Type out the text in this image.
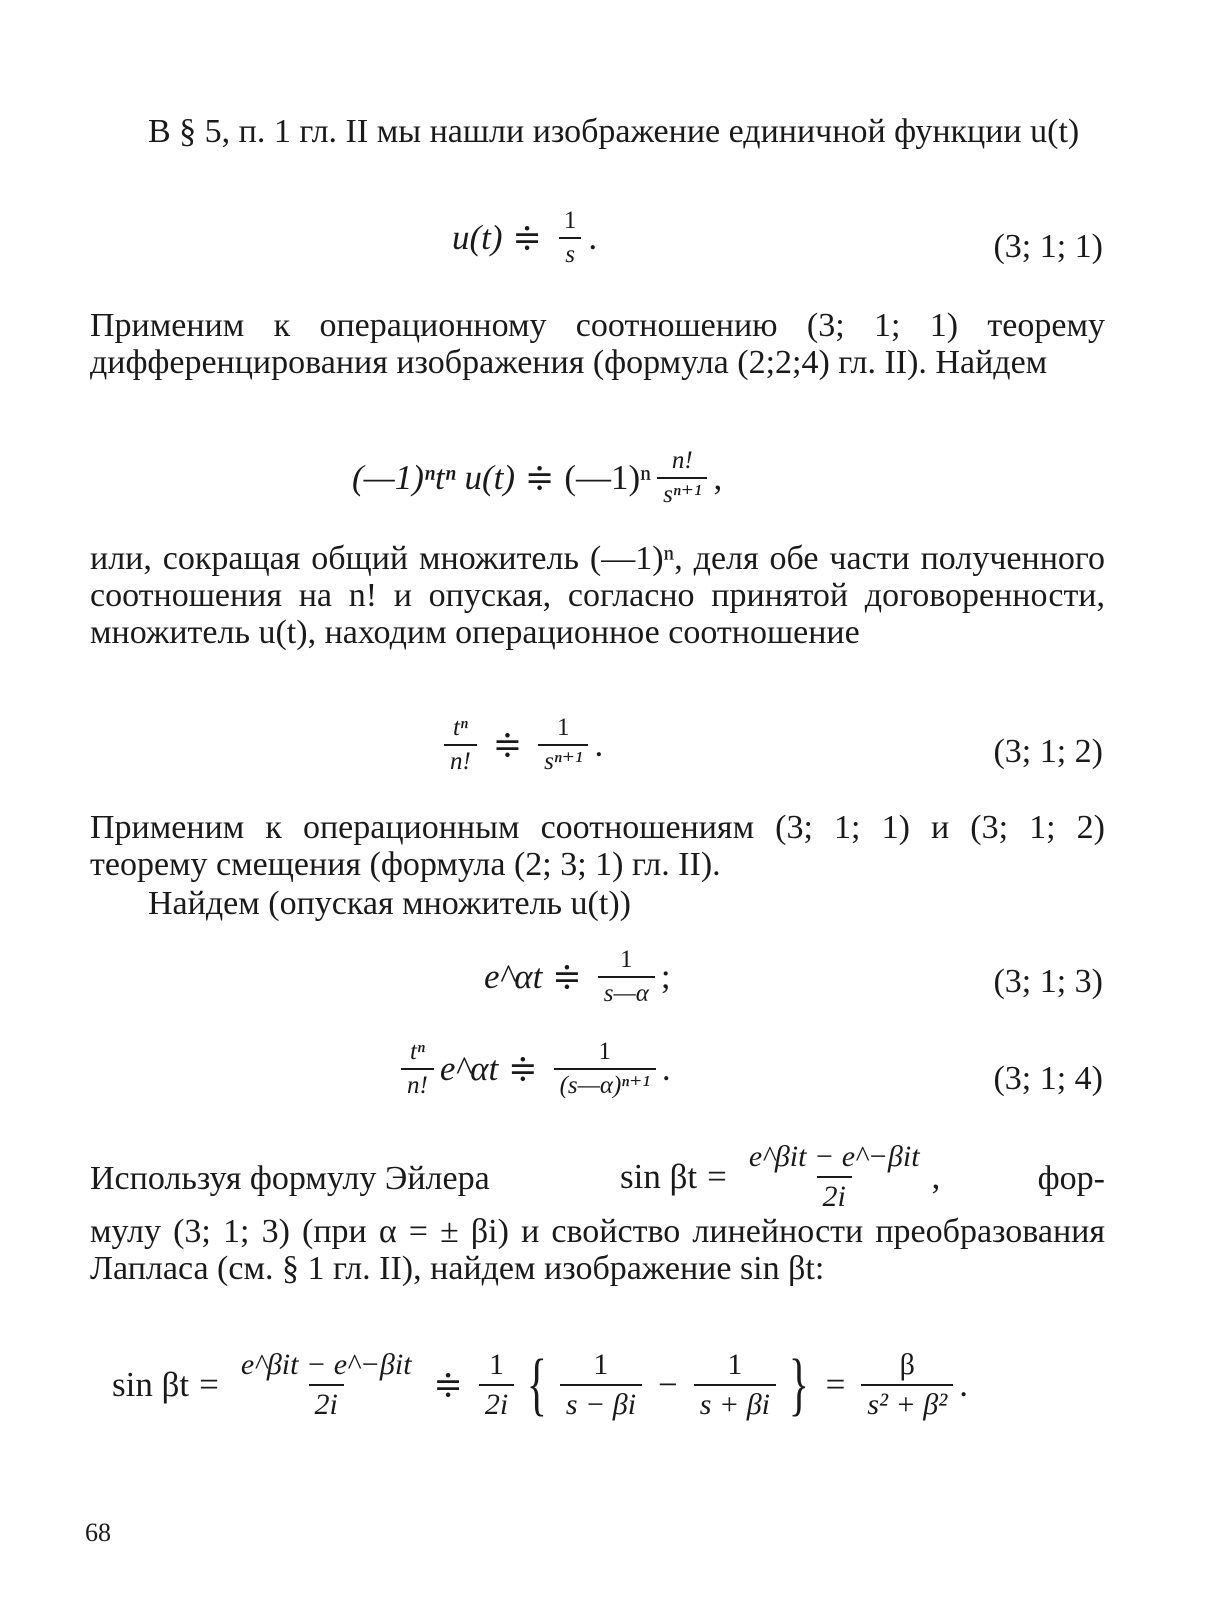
В § 5, п. 1 гл. II мы нашли изображение единичной функции u(t)

u(t) ≑ $\frac{1}{s}$ .	(3; 1; 1)

Применим к операционному соотношению (3; 1; 1) теорему дифференцирования изображения (формула (2;2;4) гл. II). Найдем

(—1)ⁿtⁿ u(t) ≑ (—1)ⁿ $\frac{n!}{\text{sⁿ⁺¹}}$ ,

или, сокращая общий множитель (—1)ⁿ, деля обе части полученного соотношения на n! и опуская, согласно принятой договоренности, множитель u(t), находим операционное соотношение

$\frac{\text{tⁿ}}{n!}$ ≑ $\frac{1}{\text{sⁿ⁺¹}}$ .	(3; 1; 2)

Применим к операционным соотношениям (3; 1; 1) и (3; 1; 2) теорему смещения (формула (2; 3; 1) гл. II).

Найдем (опуская множитель u(t))

e^αt ≑ $\frac{1}{s—\alpha}$ ;	(3; 1; 3)
$\frac{\text{tⁿ}}{n!}$ e^αt ≑ $\frac{1}{\text{(s—α)ⁿ⁺¹}}$ .	(3; 1; 4)
Используя формулу Эйлера	$\sin \beta t = \frac{\text{e\textasciicircum{}βit − e\textasciicircum{}−βit}}{2i}$ ,	фор-

мулу (3; 1; 3) (при α = ± βi) и свойство линейности преобразования Лапласа (см. § 1 гл. II), найдем изображение sin βt:

$\sin \beta t = \frac{\text{e\textasciicircum{}βit − e\textasciicircum{}−βit}}{2i}$ ≑ $\frac{1}{2i}$ { $\frac{1}{s - \beta i} - \frac{1}{s + \beta i}$ } = $\frac{\beta}{\text{s² + β²}}$ .
68
